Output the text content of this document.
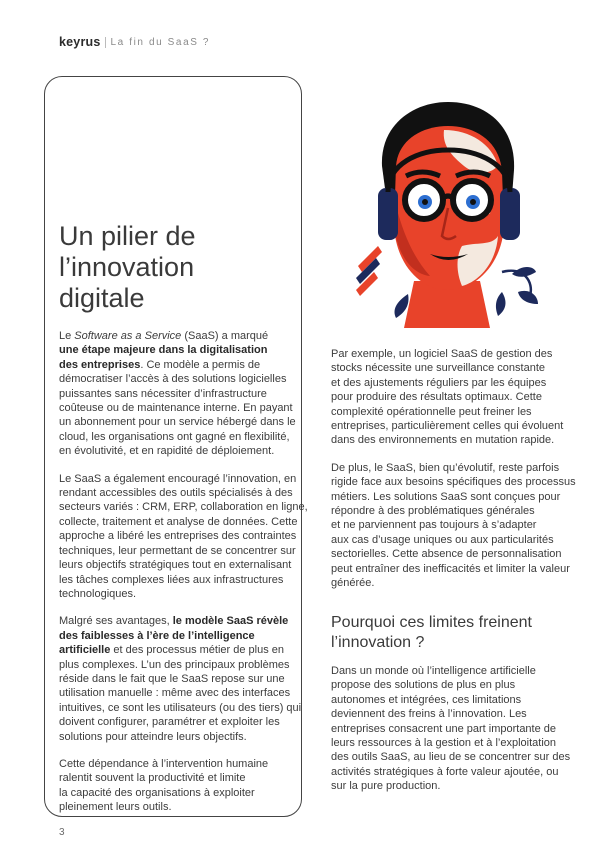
keyrus La fin du SaaS ?
Un pilier de
l’innovation
digitale

Le Software as a Service (SaaS) a marqué
une étape majeure dans la digitalisation
des entreprises. Ce modèle a permis de
démocratiser l’accès à des solutions logicielles
puissantes sans nécessiter d’infrastructure
coûteuse ou de maintenance interne. En payant
un abonnement pour un service hébergé dans le
cloud, les organisations ont gagné en flexibilité,
en évolutivité, et en rapidité de déploiement.

Le SaaS a également encouragé l’innovation, en
rendant accessibles des outils spécialisés à des
secteurs variés : CRM, ERP, collaboration en ligne,
collecte, traitement et analyse de données. Cette
approche a libéré les entreprises des contraintes
techniques, leur permettant de se concentrer sur
leurs objectifs stratégiques tout en externalisant
les tâches complexes liées aux infrastructures
technologiques.

Malgré ses avantages, le modèle SaaS révèle
des faiblesses à l’ère de l’intelligence
artificielle et des processus métier de plus en
plus complexes. L’un des principaux problèmes
réside dans le fait que le SaaS repose sur une
utilisation manuelle : même avec des interfaces
intuitives, ce sont les utilisateurs (ou des tiers) qui
doivent configurer, paramétrer et exploiter les
solutions pour atteindre leurs objectifs.

Cette dépendance à l’intervention humaine
ralentit souvent la productivité et limite
la capacité des organisations à exploiter
pleinement leurs outils.

Par exemple, un logiciel SaaS de gestion des
stocks nécessite une surveillance constante
et des ajustements réguliers par les équipes
pour produire des résultats optimaux. Cette
complexité opérationnelle peut freiner les
entreprises, particulièrement celles qui évoluent
dans des environnements en mutation rapide.

De plus, le SaaS, bien qu’évolutif, reste parfois
rigide face aux besoins spécifiques des processus
métiers. Les solutions SaaS sont conçues pour
répondre à des problématiques générales
et ne parviennent pas toujours à s’adapter
aux cas d’usage uniques ou aux particularités
sectorielles. Cette absence de personnalisation
peut entraîner des inefficacités et limiter la valeur
générée.

Pourquoi ces limites freinent
l’innovation ?

Dans un monde où l’intelligence artificielle
propose des solutions de plus en plus
autonomes et intégrées, ces limitations
deviennent des freins à l’innovation. Les
entreprises consacrent une part importante de
leurs ressources à la gestion et à l’exploitation
des outils SaaS, au lieu de se concentrer sur des
activités stratégiques à forte valeur ajoutée, ou
sur la pure production.

3
